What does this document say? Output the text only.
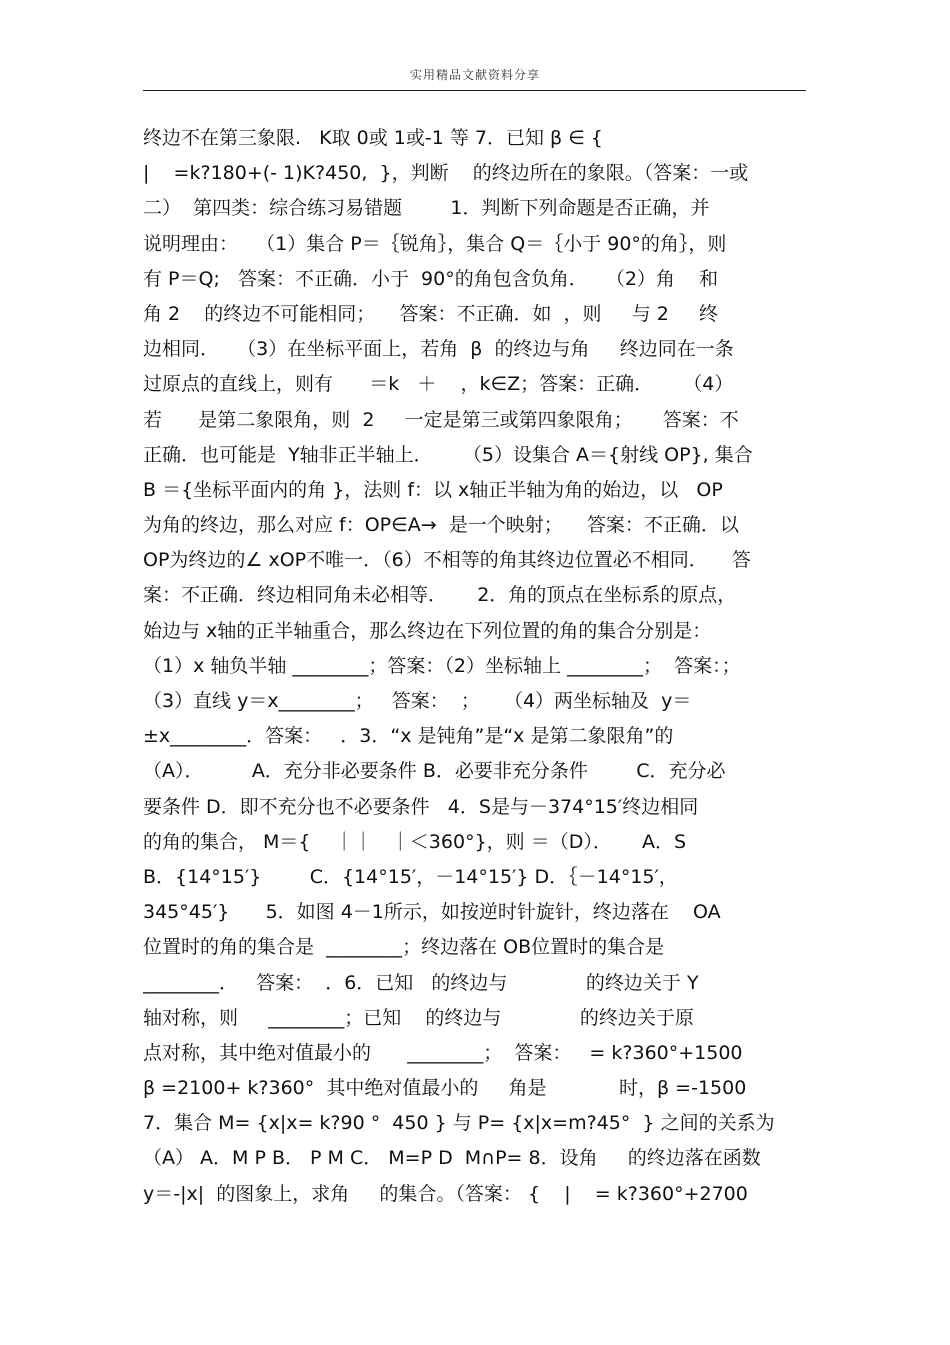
实用精品文献资料分享
终边不在第三象限.   K取 0或 1或-1 等 7．已知 β ∈ {
|    =k?180+(- 1)K?450,  }，判断    的终边所在的象限。（答案：一或
二）  第四类：综合练习易错题        1．判断下列命题是否正确，并
说明理由：   （1）集合 P＝｛锐角｝，集合 Q＝｛小于 90°的角｝，则
有 P＝Q;   答案：不正确．小于  90°的角包含负角．   （2）角    和
角 2    的终边不可能相同；    答案：不正确．如  ，则     与 2     终
边相同．   （3）在坐标平面上，若角  β  的终边与角     终边同在一条
过原点的直线上，则有      ＝k   ＋    ，k∈Z；答案：正确．     （4）
若      是第二象限角，则  2     一定是第三或第四象限角；     答案：不
正确．也可能是  Y轴非正半轴上．     （5）设集合 A＝{射线 OP}, 集合
B ＝{坐标平面内的角 }，法则 f：以 x轴正半轴为角的始边，以   OP
为角的终边，那么对应 f：OP∈A→  是一个映射；    答案：不正确．以
OP为终边的∠ xOP不唯一．（6）不相等的角其终边位置必不相同．    答
案：不正确．终边相同角未必相等．     2．角的顶点在坐标系的原点，
始边与 x轴的正半轴重合，那么终边在下列位置的角的集合分别是：
（1）x 轴负半轴 ________；答案：（2）坐标轴上 ________；  答案：；
（3）直线 y＝x________；   答案：  ；    （4）两坐标轴及  y＝
±x________．答案：   ．3．“x 是钝角”是“x 是第二象限角”的
（A）．        A．充分非必要条件 B．必要非充分条件        C．充分必
要条件 D．即不充分也不必要条件   4．S是与－374°15′终边相同
的角的集合， M＝{    ｜｜   ｜＜360°}，则 ＝（D）．     A．S
B．{14°15′}        C．{14°15′，－14°15′} D．｛－14°15′，
345°45′}      5．如图 4－1所示，如按逆时针旋针，终边落在    OA
位置时的角的集合是  ________；终边落在 OB位置时的集合是
________．   答案：  ．6．已知   的终边与             的终边关于 Y
轴对称，则     ________；已知    的终边与             的终边关于原
点对称，其中绝对值最小的      ________；  答案：   = k?360°+1500
β =2100+ k?360°  其中绝对值最小的     角是            时，β =-1500
7．集合 M= {x|x= k?90 °  450 } 与 P= {x|x=m?45°  } 之间的关系为
（A） A．M P B． P M C． M=P D  M∩P= 8．设角     的终边落在函数
y＝-|x|  的图象上，求角     的集合。（答案： {    |    = k?360°+2700
